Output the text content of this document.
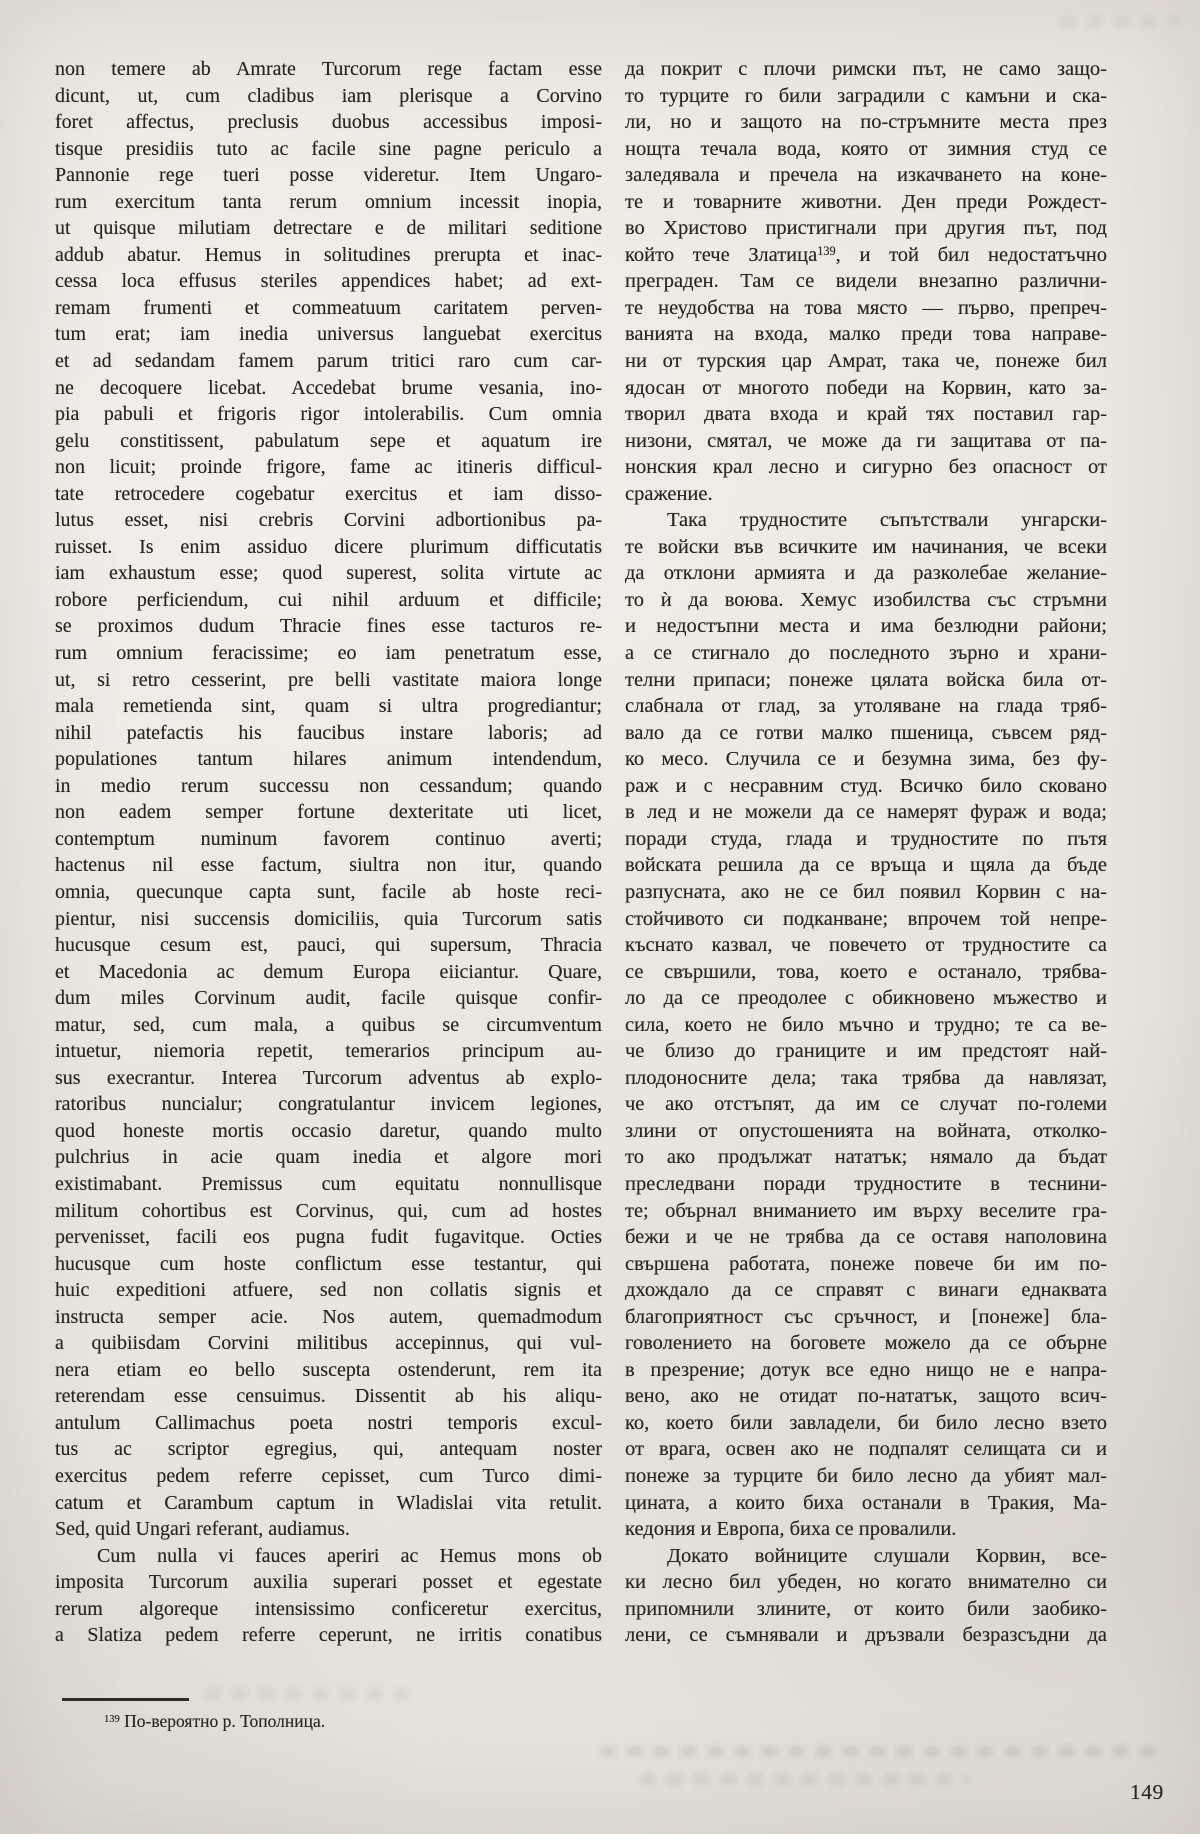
non temere ab Amrate Turcorum rege factam esse
dicunt, ut, cum cladibus iam plerisque a Corvino
foret affectus, preclusis duobus accessibus imposi-
tisque presidiis tuto ac facile sine pagne periculo a
Pannonie rege tueri posse videretur. Item Ungaro-
rum exercitum tanta rerum omnium incessit inopia,
ut quisque milutiam detrectare e de militari seditione
addub abatur. Hemus in solitudines prerupta et inac-
cessa loca effusus steriles appendices habet; ad ext-
remam frumenti et commeatuum caritatem perven-
tum erat; iam inedia universus languebat exercitus
et ad sedandam famem parum tritici raro cum car-
ne decoquere licebat. Accedebat brume vesania, ino-
pia pabuli et frigoris rigor intolerabilis. Cum omnia
gelu constitissent, pabulatum sepe et aquatum ire
non licuit; proinde frigore, fame ac itineris difficul-
tate retrocedere cogebatur exercitus et iam disso-
lutus esset, nisi crebris Corvini adbortionibus pa-
ruisset. Is enim assiduo dicere plurimum difficutatis
iam exhaustum esse; quod superest, solita virtute ac
robore perficiendum, cui nihil arduum et difficile;
se proximos dudum Thracie fines esse tacturos re-
rum omnium feracissime; eo iam penetratum esse,
ut, si retro cesserint, pre belli vastitate maiora longe
mala remetienda sint, quam si ultra progrediantur;
nihil patefactis his faucibus instare laboris; ad
populationes tantum hilares animum intendendum,
in medio rerum successu non cessandum; quando
non eadem semper fortune dexteritate uti licet,
contemptum numinum favorem continuo averti;
hactenus nil esse factum, siultra non itur, quando
omnia, quecunque capta sunt, facile ab hoste reci-
pientur, nisi succensis domiciliis, quia Turcorum satis
hucusque cesum est, pauci, qui supersum, Thracia
et Macedonia ac demum Europa eiiciantur. Quare,
dum miles Corvinum audit, facile quisque confir-
matur, sed, cum mala, a quibus se circumventum
intuetur, niemoria repetit, temerarios principum au-
sus execrantur. Interea Turcorum adventus ab explo-
ratoribus nuncialur; congratulantur invicem legiones,
quod honeste mortis occasio daretur, quando multo
pulchrius in acie quam inedia et algore mori
existimabant. Premissus cum equitatu nonnullisque
militum cohortibus est Corvinus, qui, cum ad hostes
pervenisset, facili eos pugna fudit fugavitque. Octies
hucusque cum hoste conflictum esse testantur, qui
huic expeditioni atfuere, sed non collatis signis et
instructa semper acie. Nos autem, quemadmodum
a quibiisdam Corvini militibus accepinnus, qui vul-
nera etiam eo bello suscepta ostenderunt, rem ita
reterendam esse censuimus. Dissentit ab his aliqu-
antulum Callimachus poeta nostri temporis excul-
tus ac scriptor egregius, qui, antequam noster
exercitus pedem referre cepisset, cum Turco dimi-
catum et Carambum captum in Wladislai vita retulit.
Sed, quid Ungari referant, audiamus.
Cum nulla vi fauces aperiri ac Hemus mons ob
imposita Turcorum auxilia superari posset et egestate
rerum algoreque intensissimo conficeretur exercitus,
a Slatiza pedem referre ceperunt, ne irritis conatibus
да покрит с плочи римски път, не само защо-
то турците го били заградили с камъни и ска-
ли, но и защото на по-стръмните места през
нощта течала вода, която от зимния студ се
заледявала и пречела на изкачването на коне-
те и товарните животни. Ден преди Рождест-
во Христово пристигнали при другия път, под
който тече Златица$^{139}$, и той бил недостатъчно
преграден. Там се видели внезапно различни-
те неудобства на това място — първо, препреч-
ванията на входа, малко преди това направе-
ни от турския цар Амрат, така че, понеже бил
ядосан от многото победи на Корвин, като за-
творил двата входа и край тях поставил гар-
низони, смятал, че може да ги защитава от па-
нонския крал лесно и сигурно без опасност от
сражение.
Така трудностите съпътствали унгарски-
те войски във всичките им начинания, че всеки
да отклони армията и да разколебае желание-
то ѝ да воюва. Хемус изобилства със стръмни
и недостъпни места и има безлюдни райони;
а се стигнало до последното зърно и храни-
телни припаси; понеже цялата войска била от-
слабнала от глад, за утоляване на глада тряб-
вало да се готви малко пшеница, съвсем ряд-
ко месо. Случила се и безумна зима, без фу-
раж и с несравним студ. Всичко било сковано
в лед и не можели да се намерят фураж и вода;
поради студа, глада и трудностите по пътя
войската решила да се връща и щяла да бъде
разпусната, ако не се бил появил Корвин с на-
стойчивото си подканване; впрочем той непре-
къснато казвал, че повечето от трудностите са
се свършили, това, което е останало, трябва-
ло да се преодолее с обикновено мъжество и
сила, което не било мъчно и трудно; те са ве-
че близо до границите и им предстоят най-
плодоносните дела; така трябва да навлязат,
че ако отстъпят, да им се случат по-големи
злини от опустошенията на войната, отколко-
то ако продължат нататък; нямало да бъдат
преследвани поради трудностите в теснини-
те; обърнал вниманието им върху веселите гра-
бежи и че не трябва да се оставя наполовина
свършена работата, понеже повече би им по-
дхождало да се справят с винаги еднаквата
благоприятност със сръчност, и [понеже] бла-
говолението на боговете можело да се обърне
в презрение; дотук все едно нищо не е напра-
вено, ако не отидат по-нататък, защото всич-
ко, което били завладели, би било лесно взето
от врага, освен ако не подпалят селищата си и
понеже за турците би било лесно да убият мал-
цината, а които биха останали в Тракия, Ма-
кедония и Европа, биха се провалили.
Докато войниците слушали Корвин, все-
ки лесно бил убеден, но когато внимателно си
припомнили злините, от които били заобико-
лени, се съмнявали и дръзвали безразсъдни да
$^{139}$ По-вероятно р. Тополница.
149
